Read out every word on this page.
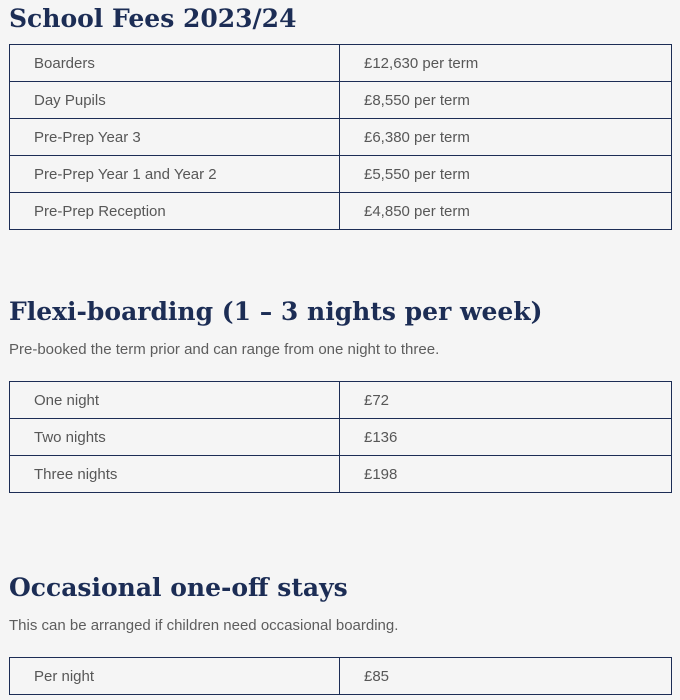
School Fees 2023/24
Boarders	£12,630 per term
Day Pupils	£8,550 per term
Pre-Prep Year 3	£6,380 per term
Pre-Prep Year 1 and Year 2	£5,550 per term
Pre-Prep Reception	£4,850 per term
Flexi-boarding (1 – 3 nights per week)

Pre-booked the term prior and can range from one night to three.

One night	£72
Two nights	£136
Three nights	£198
Occasional one-off stays

This can be arranged if children need occasional boarding.

Per night	£85
